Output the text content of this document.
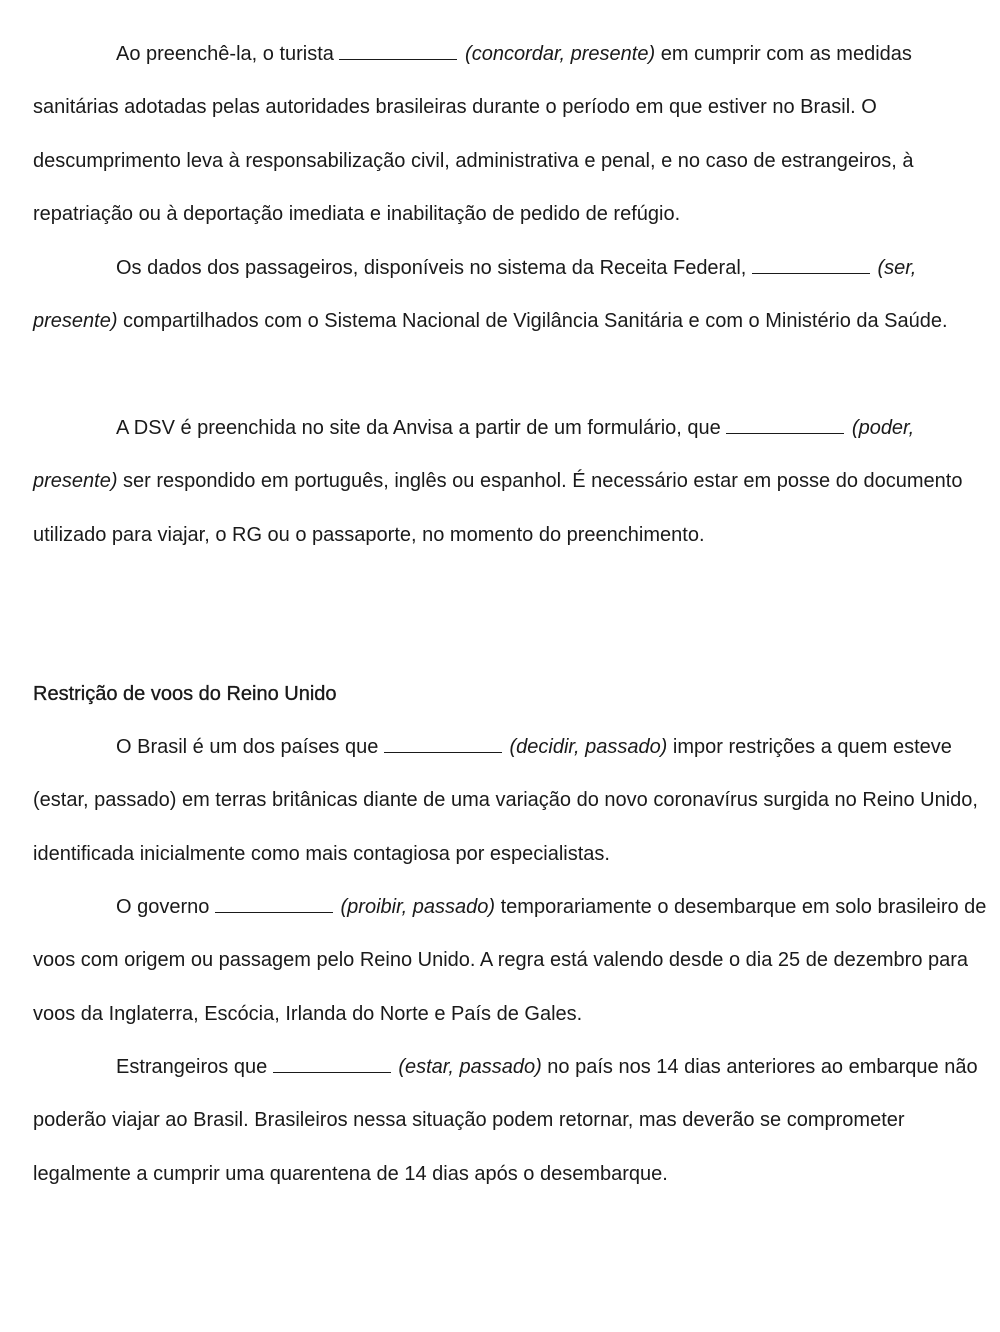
Ao preenchê-la, o turista	(concordar, presente) em cumprir com as medidas sanitárias adotadas pelas autoridades brasileiras durante o período em que estiver no Brasil. O descumprimento leva à responsabilização civil, administrativa e penal, e no caso de estrangeiros, à repatriação ou à deportação imediata e inabilitação de pedido de refúgio.

Os dados dos passageiros, disponíveis no sistema da Receita Federal,	(ser, presente) compartilhados com o Sistema Nacional de Vigilância Sanitária e com o Ministério da Saúde.

A DSV é preenchida no site da Anvisa a partir de um formulário, que	(poder, presente) ser respondido em português, inglês ou espanhol. É necessário estar em posse do documento utilizado para viajar, o RG ou o passaporte, no momento do preenchimento.

Restrição de voos do Reino Unido

O Brasil é um dos países que	(decidir, passado) impor restrições a quem esteve (estar, passado) em terras britânicas diante de uma variação do novo coronavírus surgida no Reino Unido, identificada inicialmente como mais contagiosa por especialistas.

O governo	(proibir, passado) temporariamente o desembarque em solo brasileiro de voos com origem ou passagem pelo Reino Unido. A regra está valendo desde o dia 25 de dezembro para voos da Inglaterra, Escócia, Irlanda do Norte e País de Gales.

Estrangeiros que	(estar, passado) no país nos 14 dias anteriores ao embarque não poderão viajar ao Brasil. Brasileiros nessa situação podem retornar, mas deverão se comprometer legalmente a cumprir uma quarentena de 14 dias após o desembarque.
